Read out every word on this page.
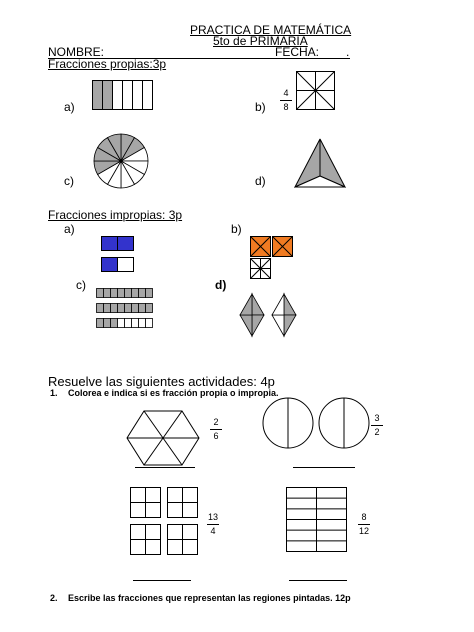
PRACTICA DE MATEMÁTICA
5to de PRIMARIA
NOMBRE:	FECHA: .
Fracciones propias:3p
a)	b)
4
8
c)	d)
Fracciones impropias: 3p
a)	b)
c)	d)
Resuelve las siguientes actividades: 4p
1. Colorea e indica si es fracción propia o impropia.
2
6
3
2
13
4
8
12
2. Escribe las fracciones que representan las regiones pintadas. 12p
